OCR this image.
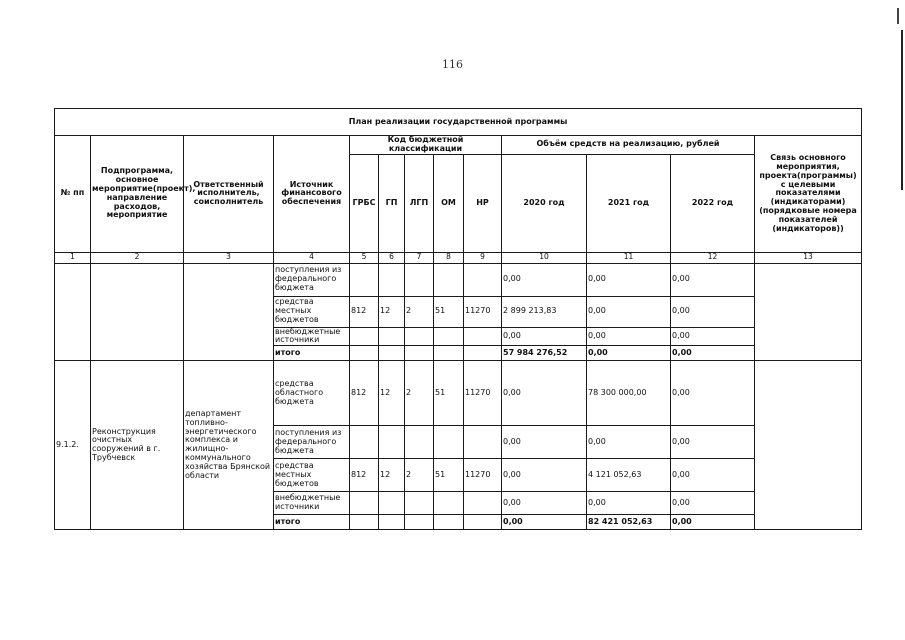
116
План реализации государственной программы												
№ пп	Подпрограмма, основное мероприятие(проект), направление расходов, мероприятие	Ответственный исполнитель, соисполнитель	Источник финансового обеспечения	Код бюджетной классификации					Объём средств на реализацию, рублей			Связь основного мероприятия, проекта(программы) с целевыми показателями (индикаторами) (порядковые номера показателей (индикаторов))
				ГРБС	ГП	ЛГП	ОМ	НР	2020 год	2021 год	2022 год	
1	2	3	4	5	6	7	8	9	10	11	12	13
			поступления из федерального бюджета						0,00	0,00	0,00	
			средства местных бюджетов	812	12	2	51	11270	2 899 213,83	0,00	0,00	
			внебюджетные источники						0,00	0,00	0,00	
			итого						57 984 276,52	0,00	0,00	
9.1.2.	Реконструкция очистных сооружений в г. Трубчевск	департамент топливно-энергетического комплекса и жилищно-коммунального хозяйства Брянской области	средства областного бюджета	812	12	2	51	11270	0,00	78 300 000,00	0,00	
			поступления из федерального бюджета						0,00	0,00	0,00	
			средства местных бюджетов	812	12	2	51	11270	0,00	4 121 052,63	0,00	
			внебюджетные источники						0,00	0,00	0,00	
			итого						0,00	82 421 052,63	0,00	
